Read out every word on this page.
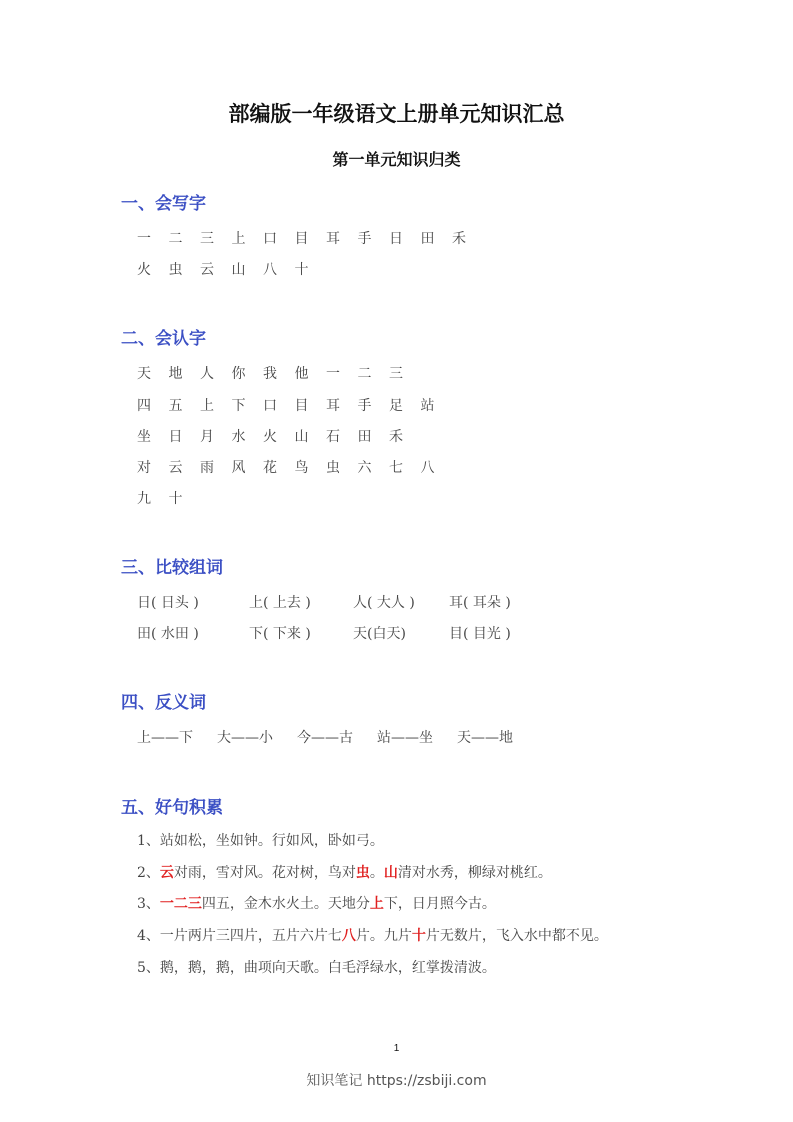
部编版一年级语文上册单元知识汇总
第一单元知识归类
一、会写字
一 二 三 上 口 目 耳 手 日 田 禾
火 虫 云 山 八 十
二、会认字
天 地 人 你 我 他 一 二 三
四 五 上 下 口 目 耳 手 足 站
坐 日 月 水 火 山 石 田 禾
对 云 雨 风 花 鸟 虫 六 七 八
九 十
三、比较组词
日( 日头 )	上( 上去 )	人( 大人 ) 耳( 耳朵 )
田( 水田 )	下( 下来 )	天(白天)	目( 目光 )
四、反义词
上——下 大——小 今——古 站——坐 天——地
五、好句积累
1、站如松，坐如钟。行如风，卧如弓。
2、云对雨，雪对风。花对树，鸟对虫。山清对水秀，柳绿对桃红。
3、一二三四五，金木水火土。天地分上下，日月照今古。
4、一片两片三四片，五片六片七八片。九片十片无数片，飞入水中都不见。
5、鹅，鹅，鹅，曲项向天歌。白毛浮绿水，红掌拨清波。
1
知识笔记 https://zsbiji.com
